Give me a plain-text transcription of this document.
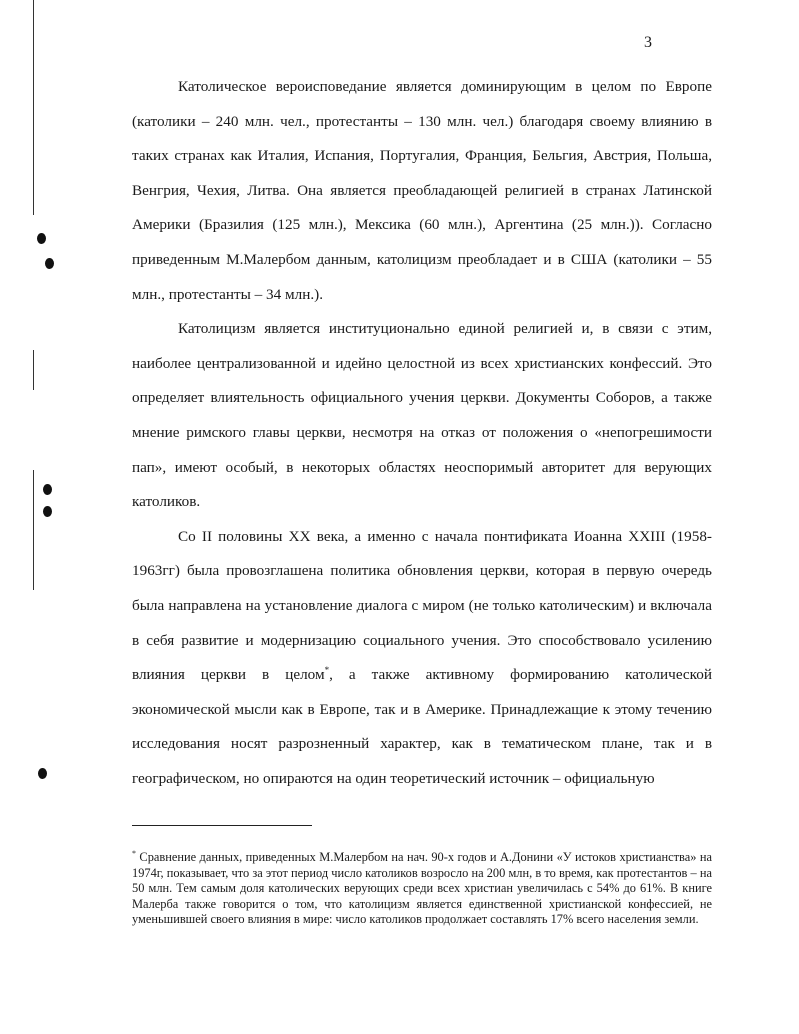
3

Католическое вероисповедание является доминирующим в целом по Европе (католики – 240 млн. чел., протестанты – 130 млн. чел.) благодаря своему влиянию в таких странах как Италия, Испания, Португалия, Франция, Бельгия, Австрия, Польша, Венгрия, Чехия, Литва. Она является преобладающей религией в странах Латинской Америки (Бразилия (125 млн.), Мексика (60 млн.), Аргентина (25 млн.)). Согласно приведенным М.Малербом данным, католицизм преобладает и в США (католики – 55 млн., протестанты – 34 млн.).

Католицизм является институционально единой религией и, в связи с этим, наиболее централизованной и идейно целостной из всех христианских конфессий. Это определяет влиятельность официального учения церкви. Документы Соборов, а также мнение римского главы церкви, несмотря на отказ от положения о «непогрешимости пап», имеют особый, в некоторых областях неоспоримый авторитет для верующих католиков.

Со II половины XX века, а именно с начала понтификата Иоанна XXIII (1958-1963гг) была провозглашена политика обновления церкви, которая в первую очередь была направлена на установление диалога с миром (не только католическим) и включала в себя развитие и модернизацию социального учения. Это способствовало усилению влияния церкви в целом*, а также активному формированию католической экономической мысли как в Европе, так и в Америке. Принадлежащие к этому течению исследования носят разрозненный характер, как в тематическом плане, так и в географическом, но опираются на один теоретический источник – официальную

* Сравнение данных, приведенных М.Малербом на нач. 90-х годов и А.Донини «У истоков христианства» на 1974г, показывает, что за этот период число католиков возросло на 200 млн, в то время, как протестантов – на 50 млн. Тем самым доля католических верующих среди всех христиан увеличилась с 54% до 61%. В книге Малерба также говорится о том, что католицизм является единственной христианской конфессией, не уменьшившей своего влияния в мире: число католиков продолжает составлять 17% всего населения земли.
